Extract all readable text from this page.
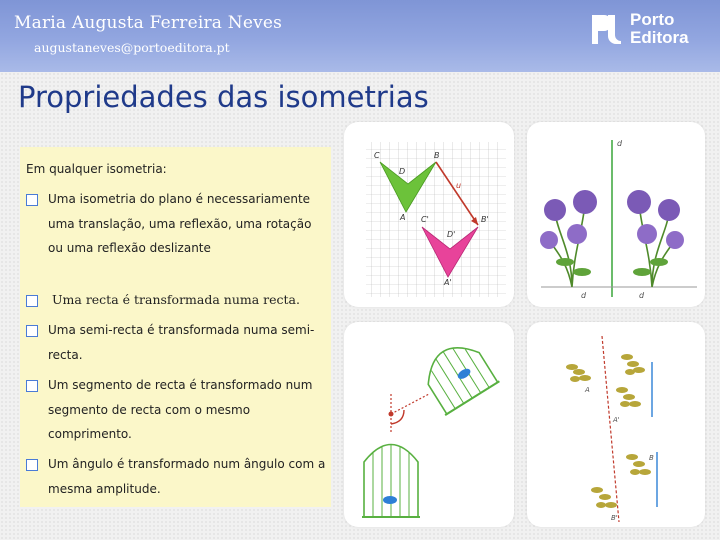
Maria Augusta Ferreira Neves
augustaneves@portoeditora.pt
Porto
Editora
Propriedades das isometrias
Em qualquer isometria:
Uma isometria do plano é necessariamente uma translação, uma reflexão, uma rotação ou uma reflexão deslizante
Uma recta é transformada numa recta.
Uma semi-recta é transformada numa semi-recta.
Um segmento de recta é transformado num segmento de recta com o mesmo comprimento.
Um ângulo é transformado num ângulo com a mesma amplitude.
C
D
B
A C'
D'
B'
A'
u
d
d	d
A
A'
B
B'
